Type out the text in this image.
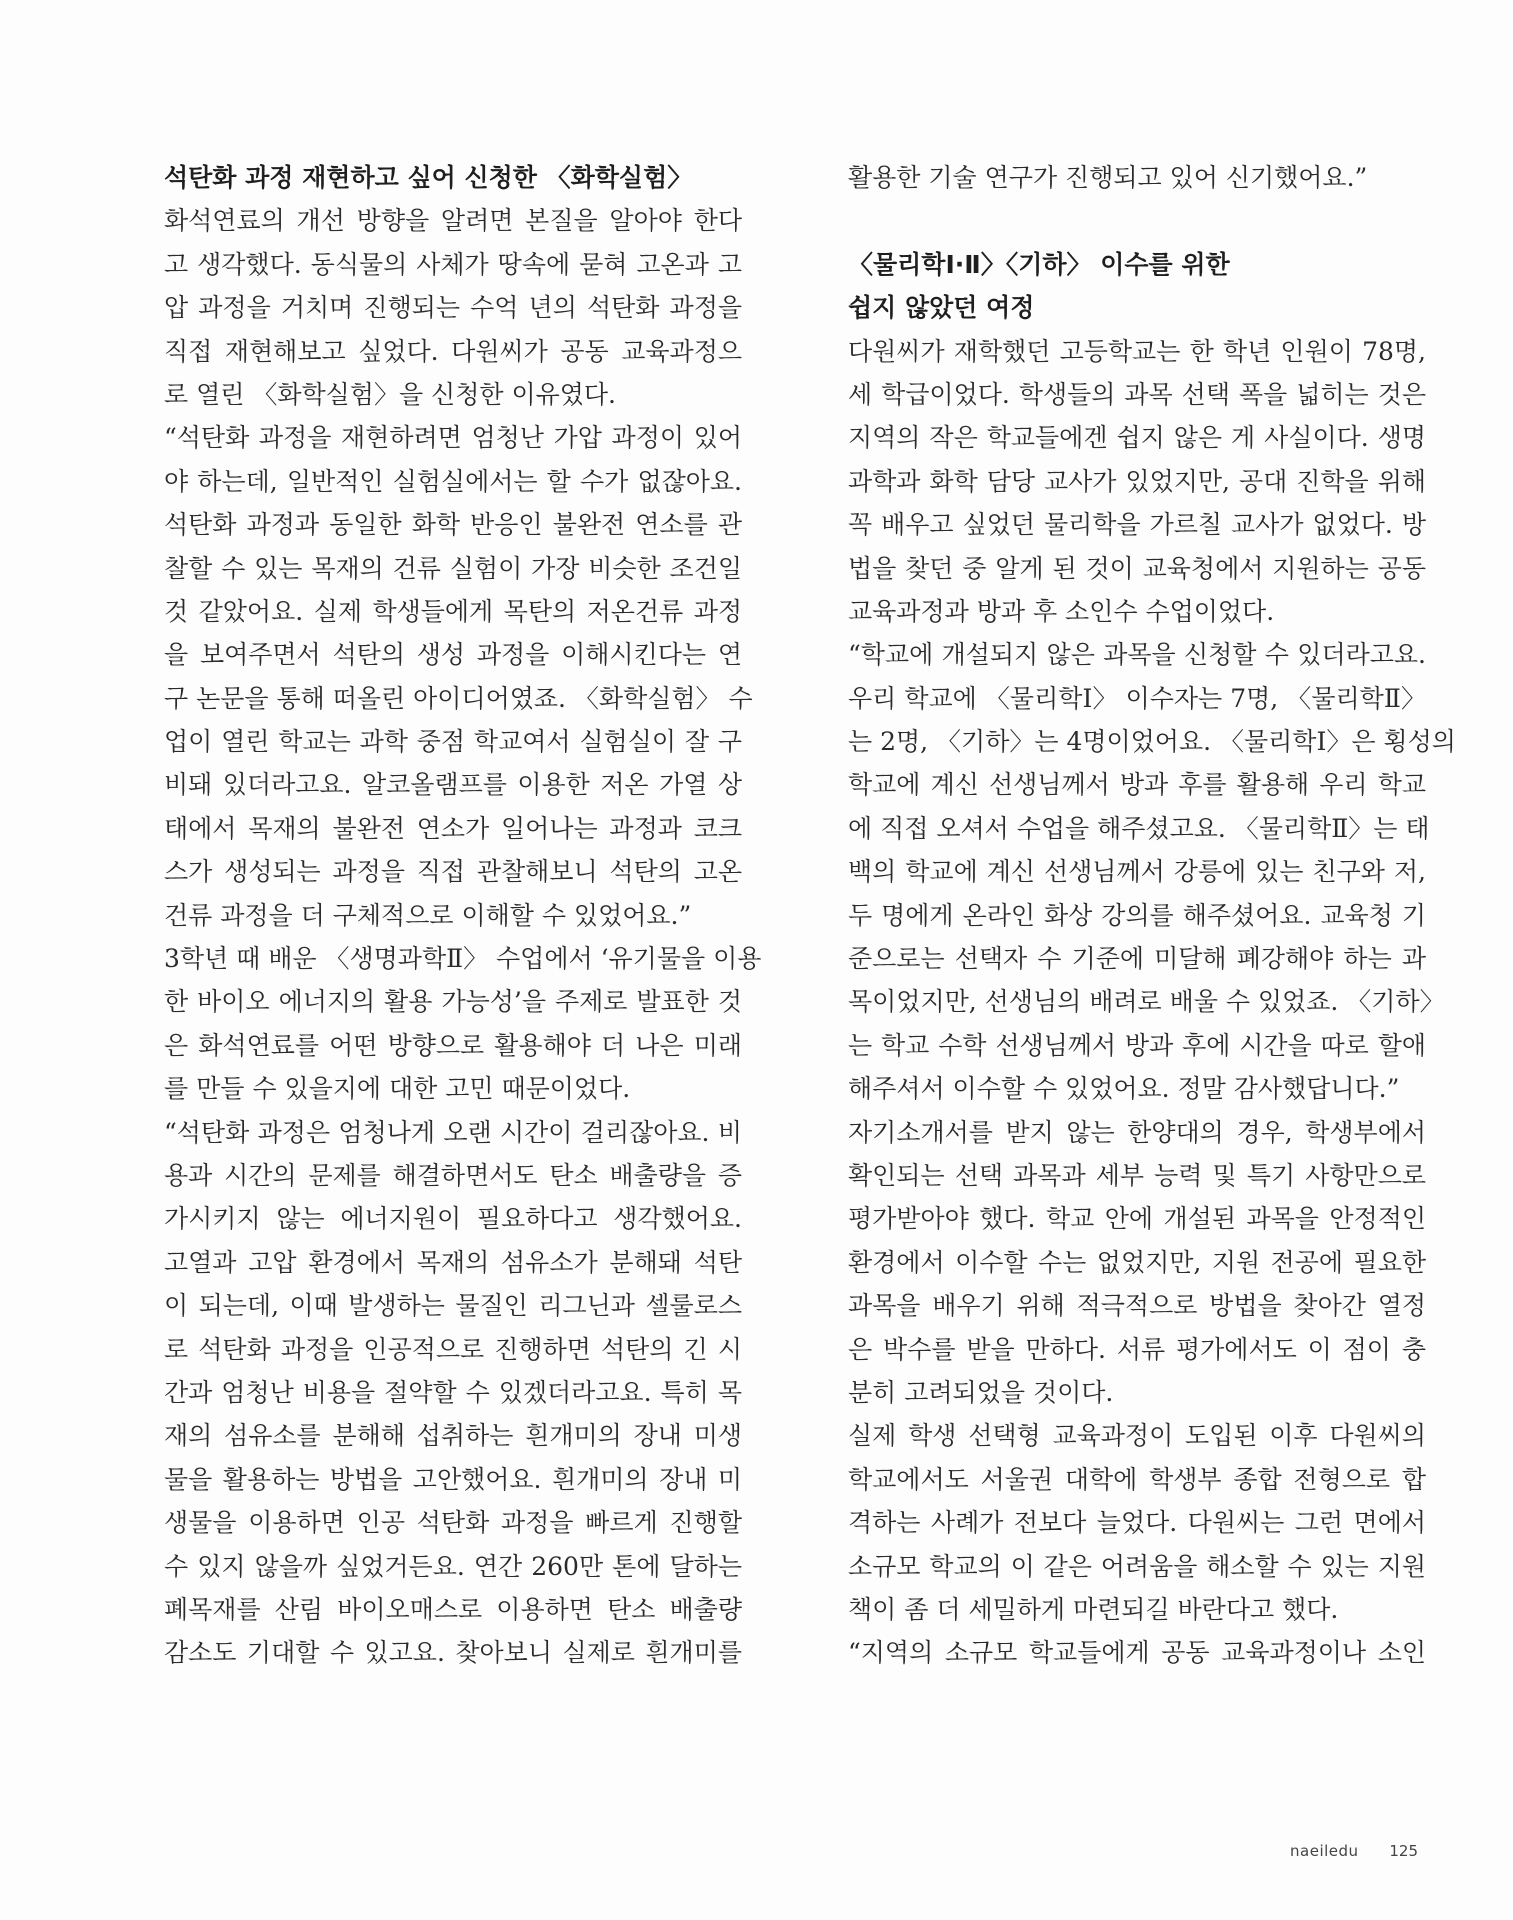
석탄화 과정 재현하고 싶어 신청한 〈화학실험〉
화석연료의 개선 방향을 알려면 본질을 알아야 한다
고 생각했다. 동식물의 사체가 땅속에 묻혀 고온과 고
압 과정을 거치며 진행되는 수억 년의 석탄화 과정을
직접 재현해보고 싶었다. 다원씨가 공동 교육과정으
로 열린 〈화학실험〉을 신청한 이유였다.
“석탄화 과정을 재현하려면 엄청난 가압 과정이 있어
야 하는데, 일반적인 실험실에서는 할 수가 없잖아요.
석탄화 과정과 동일한 화학 반응인 불완전 연소를 관
찰할 수 있는 목재의 건류 실험이 가장 비슷한 조건일
것 같았어요. 실제 학생들에게 목탄의 저온건류 과정
을 보여주면서 석탄의 생성 과정을 이해시킨다는 연
구 논문을 통해 떠올린 아이디어였죠. 〈화학실험〉 수
업이 열린 학교는 과학 중점 학교여서 실험실이 잘 구
비돼 있더라고요. 알코올램프를 이용한 저온 가열 상
태에서 목재의 불완전 연소가 일어나는 과정과 코크
스가 생성되는 과정을 직접 관찰해보니 석탄의 고온
건류 과정을 더 구체적으로 이해할 수 있었어요.”
3학년 때 배운 〈생명과학Ⅱ〉 수업에서 ‘유기물을 이용
한 바이오 에너지의 활용 가능성’을 주제로 발표한 것
은 화석연료를 어떤 방향으로 활용해야 더 나은 미래
를 만들 수 있을지에 대한 고민 때문이었다.
“석탄화 과정은 엄청나게 오랜 시간이 걸리잖아요. 비
용과 시간의 문제를 해결하면서도 탄소 배출량을 증
가시키지 않는 에너지원이 필요하다고 생각했어요.
고열과 고압 환경에서 목재의 섬유소가 분해돼 석탄
이 되는데, 이때 발생하는 물질인 리그닌과 셀룰로스
로 석탄화 과정을 인공적으로 진행하면 석탄의 긴 시
간과 엄청난 비용을 절약할 수 있겠더라고요. 특히 목
재의 섬유소를 분해해 섭취하는 흰개미의 장내 미생
물을 활용하는 방법을 고안했어요. 흰개미의 장내 미
생물을 이용하면 인공 석탄화 과정을 빠르게 진행할
수 있지 않을까 싶었거든요. 연간 260만 톤에 달하는
폐목재를 산림 바이오매스로 이용하면 탄소 배출량
감소도 기대할 수 있고요. 찾아보니 실제로 흰개미를
활용한 기술 연구가 진행되고 있어 신기했어요.”
〈물리학Ⅰ·Ⅱ〉〈기하〉 이수를 위한
쉽지 않았던 여정
다원씨가 재학했던 고등학교는 한 학년 인원이 78명,
세 학급이었다. 학생들의 과목 선택 폭을 넓히는 것은
지역의 작은 학교들에겐 쉽지 않은 게 사실이다. 생명
과학과 화학 담당 교사가 있었지만, 공대 진학을 위해
꼭 배우고 싶었던 물리학을 가르칠 교사가 없었다. 방
법을 찾던 중 알게 된 것이 교육청에서 지원하는 공동
교육과정과 방과 후 소인수 수업이었다.
“학교에 개설되지 않은 과목을 신청할 수 있더라고요.
우리 학교에 〈물리학Ⅰ〉 이수자는 7명, 〈물리학Ⅱ〉
는 2명, 〈기하〉는 4명이었어요. 〈물리학Ⅰ〉은 횡성의
학교에 계신 선생님께서 방과 후를 활용해 우리 학교
에 직접 오셔서 수업을 해주셨고요. 〈물리학Ⅱ〉는 태
백의 학교에 계신 선생님께서 강릉에 있는 친구와 저,
두 명에게 온라인 화상 강의를 해주셨어요. 교육청 기
준으로는 선택자 수 기준에 미달해 폐강해야 하는 과
목이었지만, 선생님의 배려로 배울 수 있었죠. 〈기하〉
는 학교 수학 선생님께서 방과 후에 시간을 따로 할애
해주셔서 이수할 수 있었어요. 정말 감사했답니다.”
자기소개서를 받지 않는 한양대의 경우, 학생부에서
확인되는 선택 과목과 세부 능력 및 특기 사항만으로
평가받아야 했다. 학교 안에 개설된 과목을 안정적인
환경에서 이수할 수는 없었지만, 지원 전공에 필요한
과목을 배우기 위해 적극적으로 방법을 찾아간 열정
은 박수를 받을 만하다. 서류 평가에서도 이 점이 충
분히 고려되었을 것이다.
실제 학생 선택형 교육과정이 도입된 이후 다원씨의
학교에서도 서울권 대학에 학생부 종합 전형으로 합
격하는 사례가 전보다 늘었다. 다원씨는 그런 면에서
소규모 학교의 이 같은 어려움을 해소할 수 있는 지원
책이 좀 더 세밀하게 마련되길 바란다고 했다.
“지역의 소규모 학교들에게 공동 교육과정이나 소인
naeiledu 125
